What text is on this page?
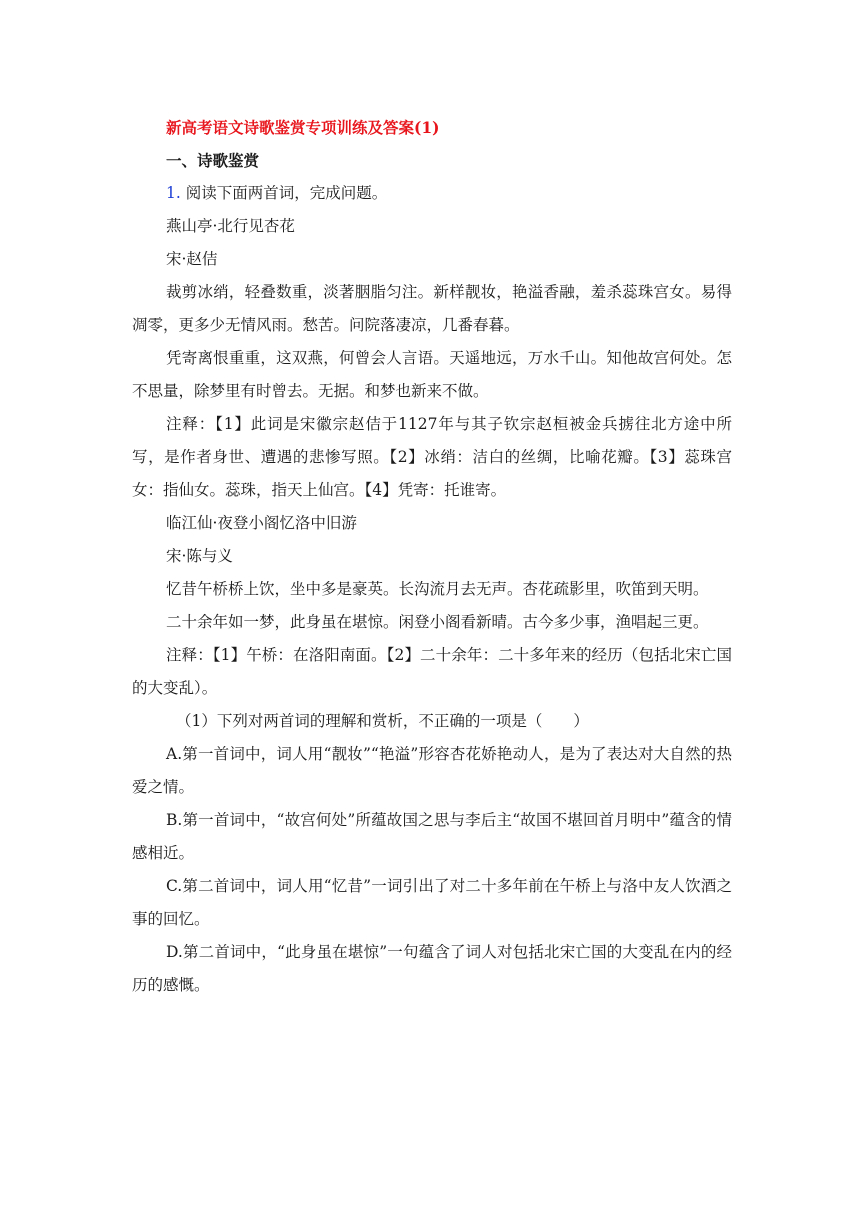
新高考语文诗歌鉴赏专项训练及答案(1)
一、诗歌鉴赏
1. 阅读下面两首词，完成问题。
燕山亭·北行见杏花
宋·赵佶
裁剪冰绡，轻叠数重，淡著胭脂匀注。新样靓妆，艳溢香融，羞杀蕊珠宫女。易得凋零，更多少无情风雨。愁苦。问院落凄凉，几番春暮。
凭寄离恨重重，这双燕，何曾会人言语。天遥地远，万水千山。知他故宫何处。怎不思量，除梦里有时曾去。无据。和梦也新来不做。
注释：【1】此词是宋徽宗赵佶于1127年与其子钦宗赵桓被金兵掳往北方途中所写，是作者身世、遭遇的悲惨写照。【2】冰绡：洁白的丝绸，比喻花瓣。【3】蕊珠宫女：指仙女。蕊珠，指天上仙宫。【4】凭寄：托谁寄。
临江仙·夜登小阁忆洛中旧游
宋·陈与义
忆昔午桥桥上饮，坐中多是豪英。长沟流月去无声。杏花疏影里，吹笛到天明。
二十余年如一梦，此身虽在堪惊。闲登小阁看新晴。古今多少事，渔唱起三更。
注释：【1】午桥：在洛阳南面。【2】二十余年：二十多年来的经历（包括北宋亡国的大变乱）。
（1）下列对两首词的理解和赏析，不正确的一项是（　　）
A.第一首词中，词人用“靓妆”“艳溢”形容杏花娇艳动人，是为了表达对大自然的热爱之情。
B.第一首词中，“故宫何处”所蕴故国之思与李后主“故国不堪回首月明中”蕴含的情感相近。
C.第二首词中，词人用“忆昔”一词引出了对二十多年前在午桥上与洛中友人饮酒之事的回忆。
D.第二首词中，“此身虽在堪惊”一句蕴含了词人对包括北宋亡国的大变乱在内的经历的感慨。
